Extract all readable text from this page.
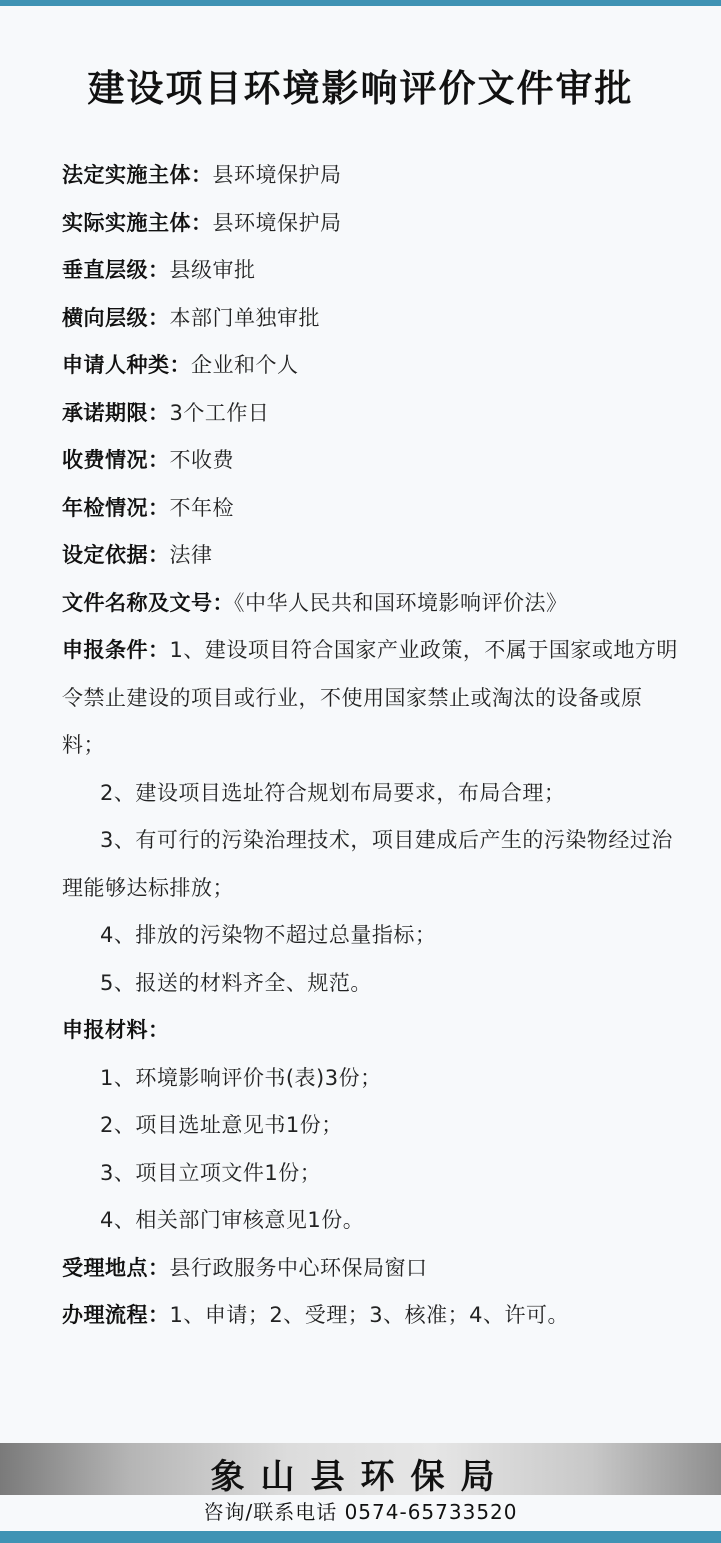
建设项目环境影响评价文件审批
法定实施主体：县环境保护局
实际实施主体：县环境保护局
垂直层级：县级审批
横向层级：本部门单独审批
申请人种类：企业和个人
承诺期限：3个工作日
收费情况：不收费
年检情况：不年检
设定依据：法律
文件名称及文号：《中华人民共和国环境影响评价法》
申报条件：1、建设项目符合国家产业政策，不属于国家或地方明令禁止建设的项目或行业，不使用国家禁止或淘汰的设备或原料；
2、建设项目选址符合规划布局要求，布局合理；
3、有可行的污染治理技术，项目建成后产生的污染物经过治理能够达标排放；
4、排放的污染物不超过总量指标；
5、报送的材料齐全、规范。
申报材料：
1、环境影响评价书(表)3份；
2、项目选址意见书1份；
3、项目立项文件1份；
4、相关部门审核意见1份。
受理地点：县行政服务中心环保局窗口
办理流程：1、申请；2、受理；3、核准；4、许可。
象山县环保局
咨询/联系电话 0574-65733520
